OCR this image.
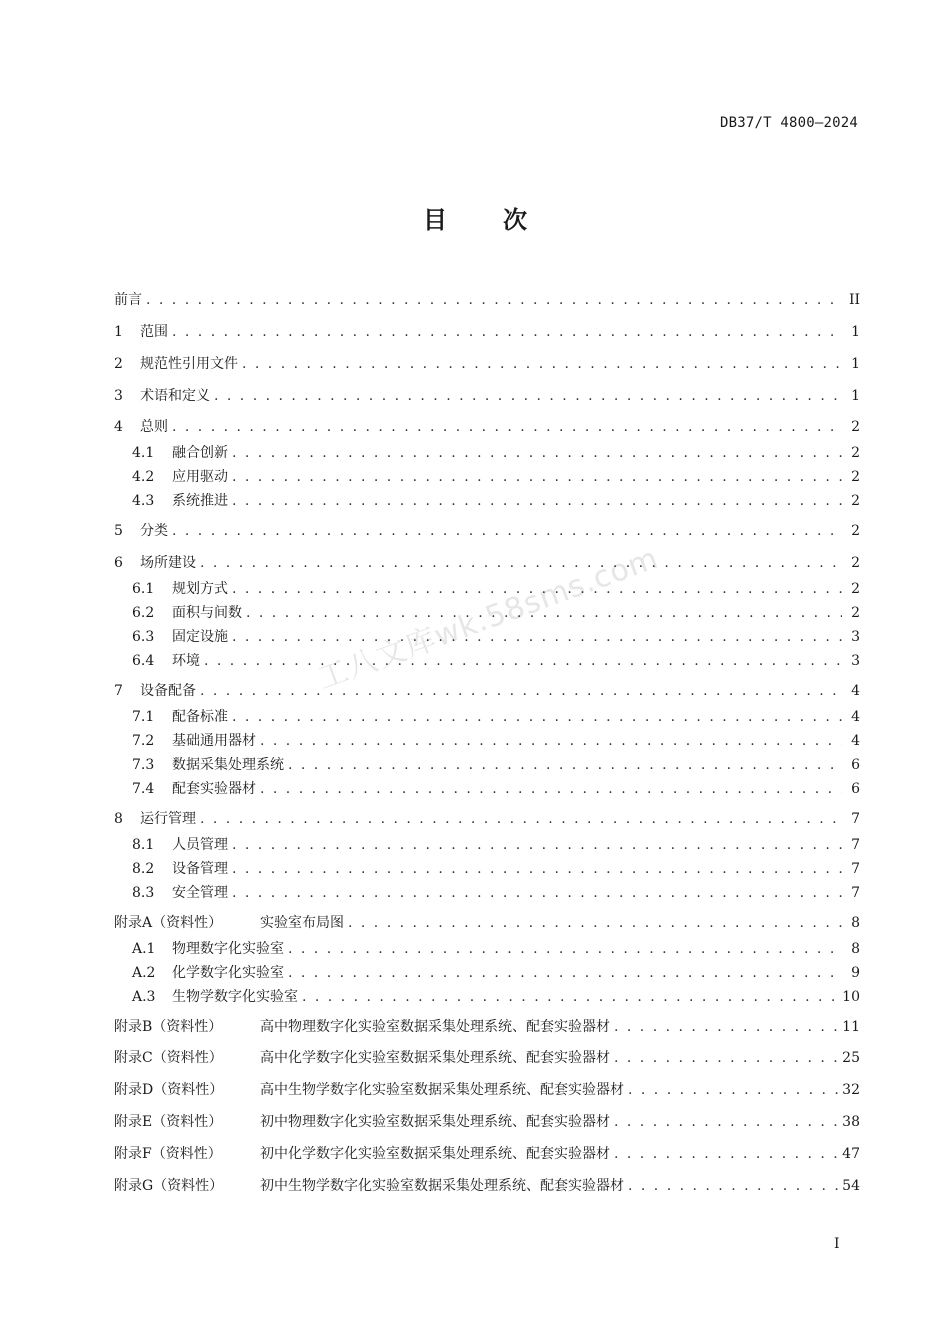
DB37/T 4800—2024
目 次
工八文库wk.58sms.com
前言 . . .	II
1	范围 . . .	1
2	规范性引用文件 . . .	1
3	术语和定义 . . .	1
4	总则 . . .	2
4.1	融合创新 . . .	2
4.2	应用驱动 . . .	2
4.3	系统推进 . . .	2
5	分类 . . .	2
6	场所建设 . . .	2
6.1	规划方式 . . .	2
6.2	面积与间数 . . .	2
6.3	固定设施 . . .	3
6.4	环境 . . .	3
7	设备配备 . . .	4
7.1	配备标准 . . .	4
7.2	基础通用器材 . . .	4
7.3	数据采集处理系统 . . .	6
7.4	配套实验器材 . . .	6
8	运行管理 . . .	7
8.1	人员管理 . . .	7
8.2	设备管理 . . .	7
8.3	安全管理 . . .	7
附录A（资料性）	实验室布局图 . . .	8
A.1	物理数字化实验室 . . .	8
A.2	化学数字化实验室 . . .	9
A.3	生物学数字化实验室 . . .	10
附录B（资料性）	高中物理数字化实验室数据采集处理系统、配套实验器材 . . .	11
附录C（资料性）	高中化学数字化实验室数据采集处理系统、配套实验器材 . . .	25
附录D（资料性）	高中生物学数字化实验室数据采集处理系统、配套实验器材 . . .	32
附录E（资料性）	初中物理数字化实验室数据采集处理系统、配套实验器材 . . .	38
附录F（资料性）	初中化学数字化实验室数据采集处理系统、配套实验器材 . . .	47
附录G（资料性）	初中生物学数字化实验室数据采集处理系统、配套实验器材 . . .	54
I
